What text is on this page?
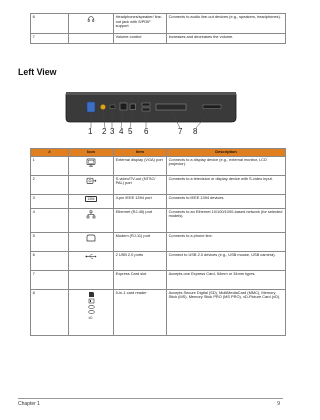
6		Headphones/speaker/ line-out jack with S/PDIF support	Connects to audio line-out devices (e.g., speakers, headphones).
7		Volume control	Increases and decreases the volume.
Left View
1 2 3 4 5 6	7 8
#	Icon	Item	Description
1		External display (VGA) port	Connects to a display device (e.g., external monitor, LCD projector).
2		S-video/TV-out (NTSC/ PAL) port	Connects to a television or display device with S-video input.
3	1394	4-pin IEEE 1394 port	Connects to IEEE 1394 devices.
4		Ethernet (RJ-45) port	Connects to an Ethernet 10/100/1000-based network (for selected models).
5		Modem (RJ-11) port	Connects to a phone line.
6		2 USB 2.0 ports	Connect to USB 2.0 devices (e.g., USB mouse, USB camera).
7		Express Card slot	Accepts one Express Card, 54mm or 34mm types.
8	xD	5-in-1 card reader	Accepts Secure Digital (SD), MultiMediaCard (MMC), Memory Stick (MS), Memory Stick PRO (MS PRO), xD-Picture Card (xD).
Chapter 1	9
